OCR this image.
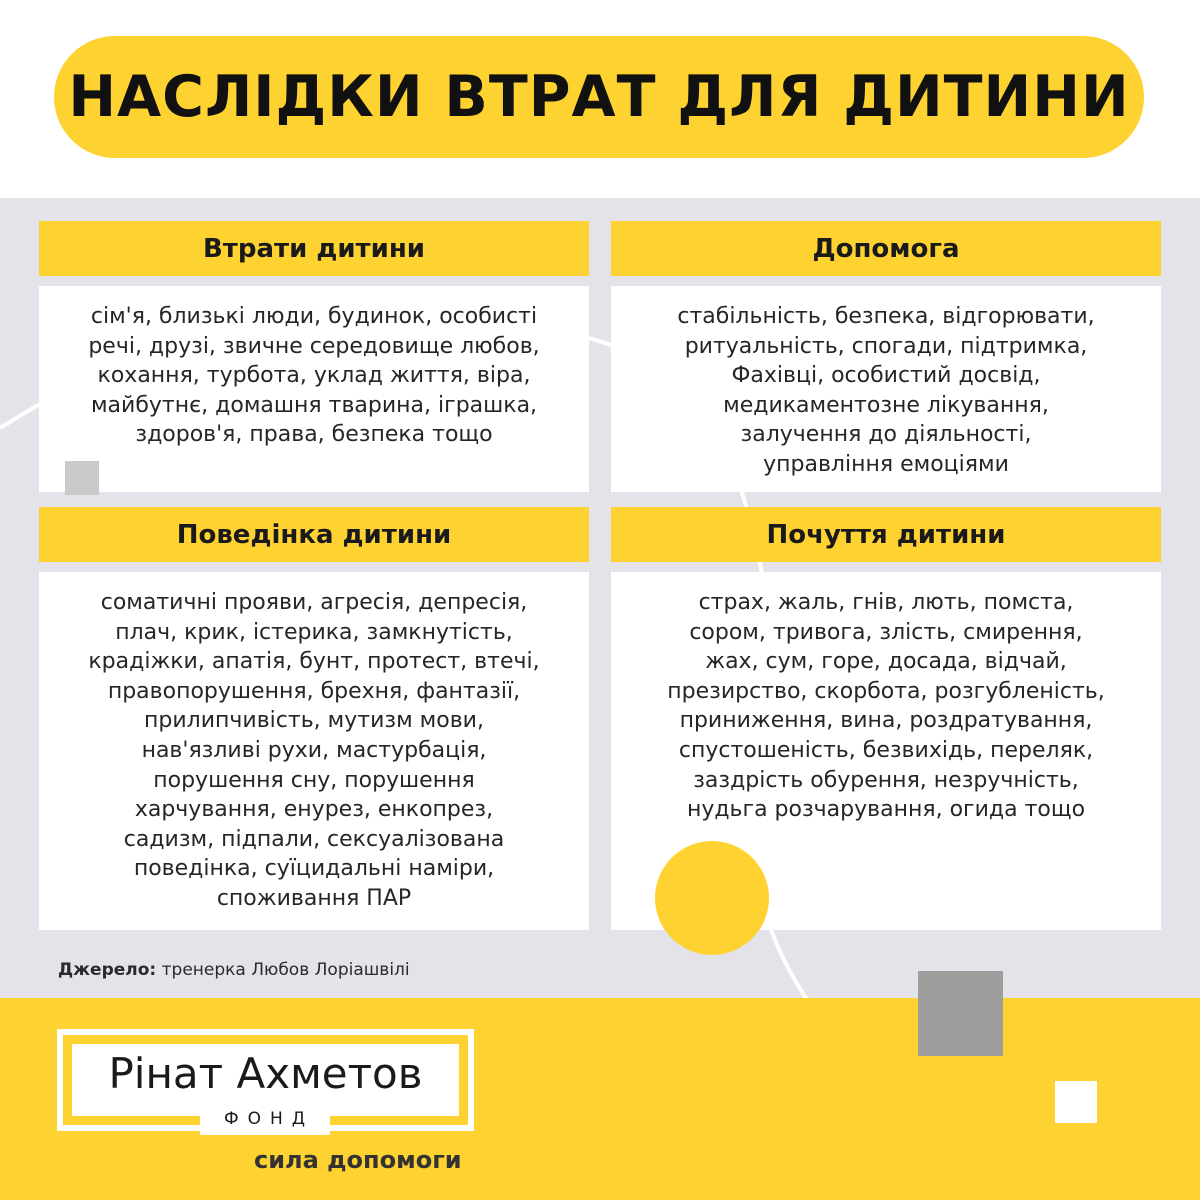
НАСЛІДКИ ВТРАТ ДЛЯ ДИТИНИ
Втрати дитини
сім'я, близькі люди, будинок, особисті
речі, друзі, звичне середовище любов,
кохання, турбота, уклад життя, віра,
майбутнє, домашня тварина, іграшка,
здоров'я, права, безпека тощо
Допомога
стабільність, безпека, відгорювати,
ритуальність, спогади, підтримка,
Фахівці, особистий досвід,
медикаментозне лікування,
залучення до діяльності,
управління емоціями
Поведінка дитини
соматичні прояви, агресія, депресія,
плач, крик, істерика, замкнутість,
крадіжки, апатія, бунт, протест, втечі,
правопорушення, брехня, фантазії,
прилипчивість, мутизм мови,
нав'язливі рухи, мастурбація,
порушення сну, порушення
харчування, енурез, енкопрез,
садизм, підпали, сексуалізована
поведінка, суїцидальні наміри,
споживання ПАР
Почуття дитини
страх, жаль, гнів, лють, помста,
сором, тривога, злість, смирення,
жах, сум, горе, досада, відчай,
презирство, скорбота, розгубленість,
приниження, вина, роздратування,
спустошеність, безвихідь, переляк,
заздрість обурення, незручність,
нудьга розчарування, огида тощо
Джерело: тренерка Любов Лоріашвілі
Рінат Ахметов
ФОНД
сила допомоги
